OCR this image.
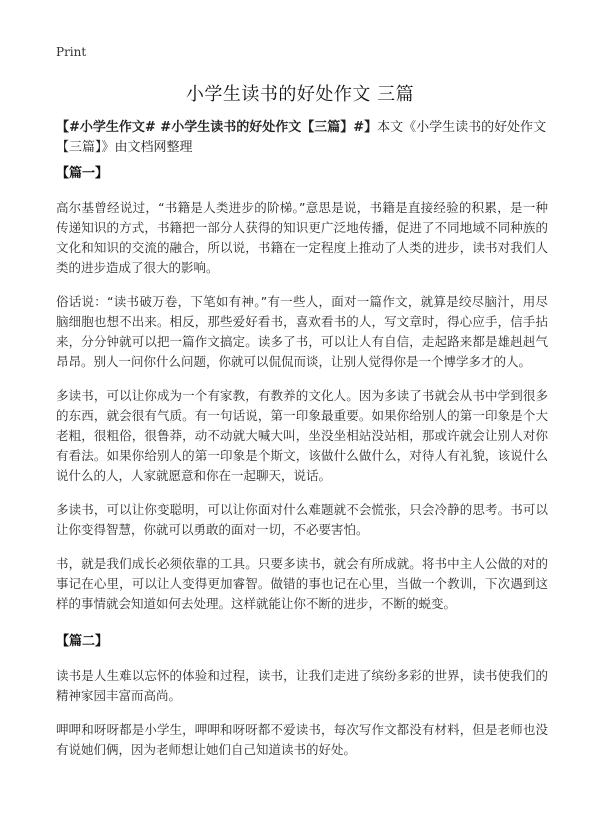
Print
小学生读书的好处作文 三篇

【#小学生作文# #小学生读书的好处作文【三篇】#】本文《小学生读书的好处作文【三篇】》由文档网整理

【篇一】

高尔基曾经说过，“书籍是人类进步的阶梯。”意思是说，书籍是直接经验的积累，是一种传递知识的方式，书籍把一部分人获得的知识更广泛地传播，促进了不同地域不同种族的文化和知识的交流的融合，所以说，书籍在一定程度上推动了人类的进步，读书对我们人类的进步造成了很大的影响。

俗话说：“读书破万卷，下笔如有神。”有一些人，面对一篇作文，就算是绞尽脑汁，用尽脑细胞也想不出来。相反，那些爱好看书，喜欢看书的人，写文章时，得心应手，信手拈来，分分钟就可以把一篇作文搞定。读多了书，可以让人有自信，走起路来都是雄赳赳气昂昂。别人一问你什么问题，你就可以侃侃而谈，让别人觉得你是一个博学多才的人。

多读书，可以让你成为一个有家教，有教养的文化人。因为多读了书就会从书中学到很多的东西，就会很有气质。有一句话说，第一印象最重要。如果你给别人的第一印象是个大老粗，很粗俗，很鲁莽，动不动就大喊大叫，坐没坐相站没站相，那或许就会让别人对你有看法。如果你给别人的第一印象是个斯文，该做什么做什么，对待人有礼貌，该说什么说什么的人，人家就愿意和你在一起聊天，说话。

多读书，可以让你变聪明，可以让你面对什么难题就不会慌张，只会冷静的思考。书可以让你变得智慧，你就可以勇敢的面对一切，不必要害怕。

书，就是我们成长必须依靠的工具。只要多读书，就会有所成就。将书中主人公做的对的事记在心里，可以让人变得更加睿智。做错的事也记在心里，当做一个教训，下次遇到这样的事情就会知道如何去处理。这样就能让你不断的进步，不断的蜕变。

【篇二】

读书是人生难以忘怀的体验和过程，读书，让我们走进了缤纷多彩的世界，读书使我们的精神家园丰富而高尚。

呷呷和呀呀都是小学生，呷呷和呀呀都不爱读书，每次写作文都没有材料，但是老师也没有说她们俩，因为老师想让她们自己知道读书的好处。
